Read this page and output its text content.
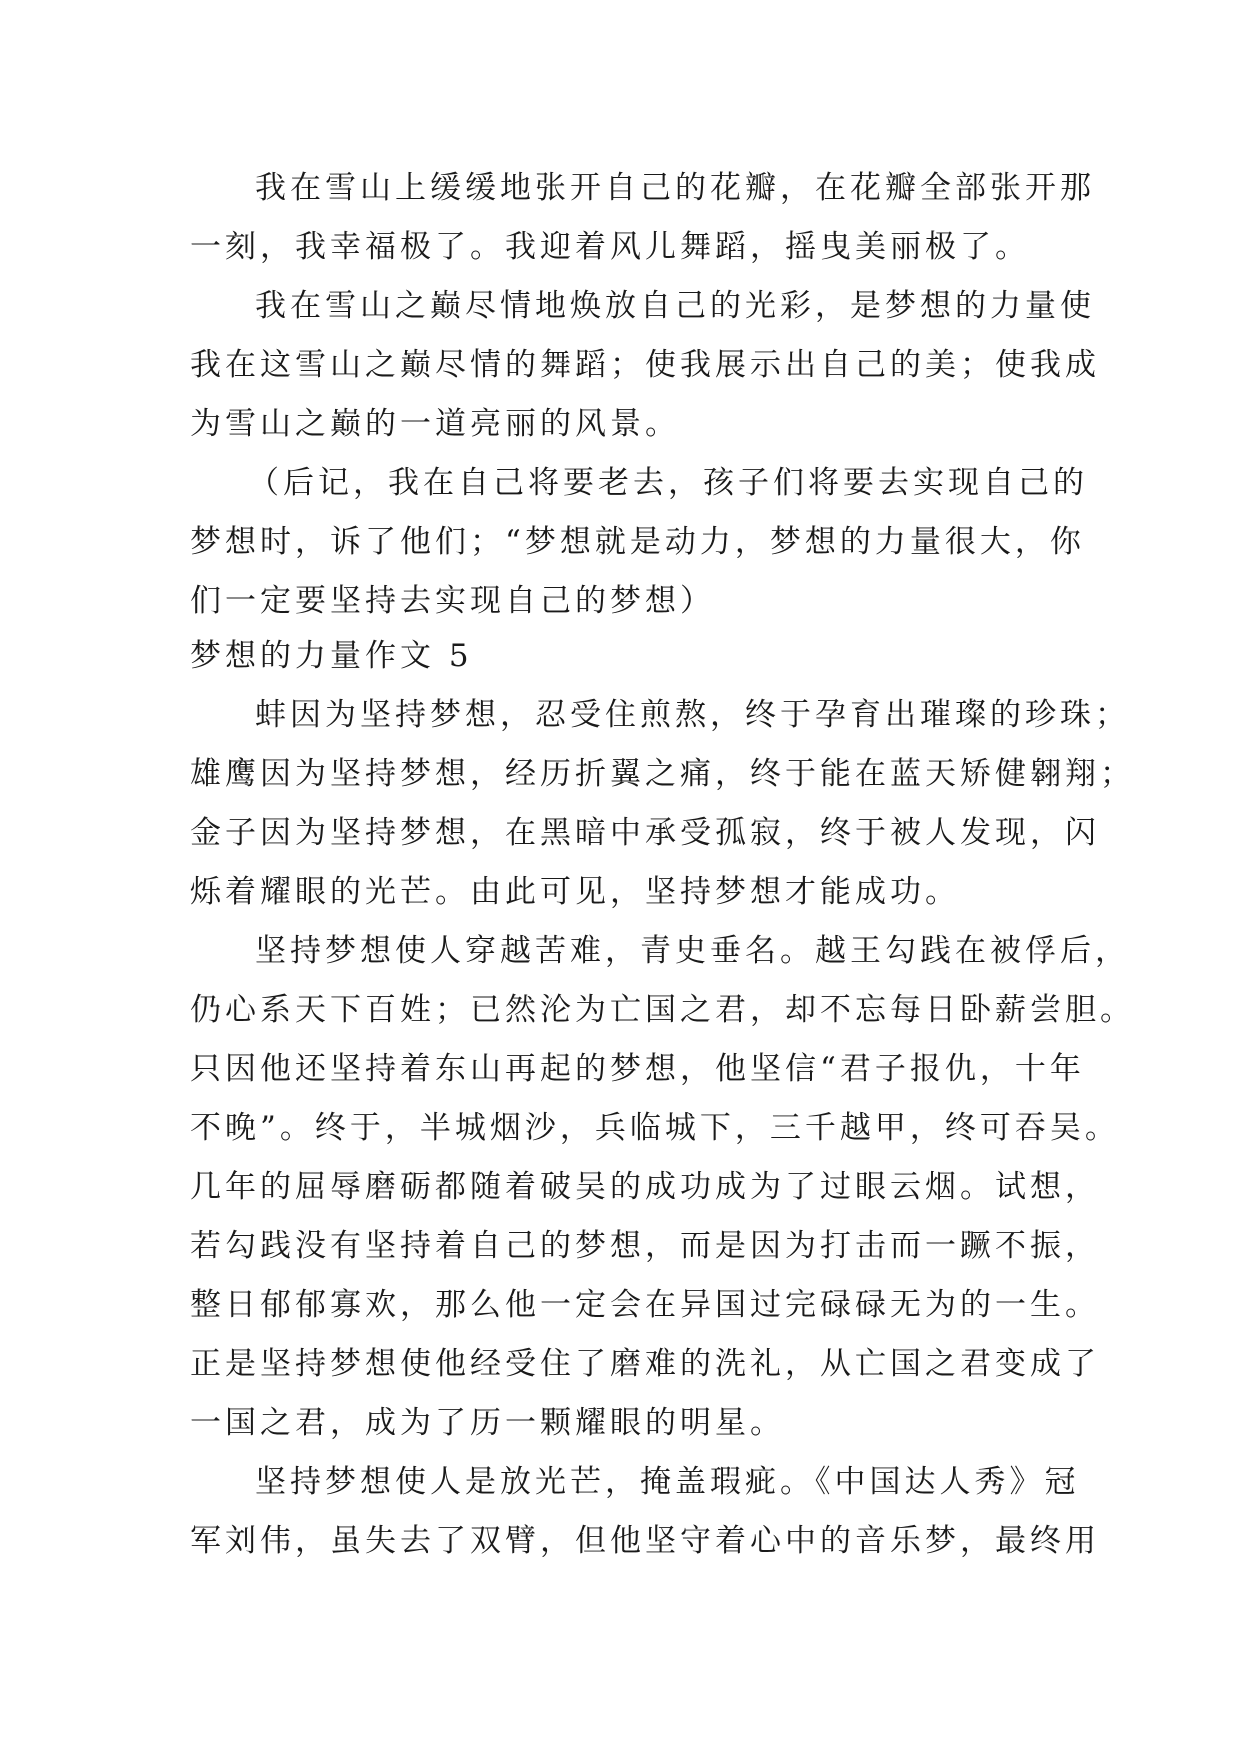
我在雪山上缓缓地张开自己的花瓣，在花瓣全部张开那
一刻，我幸福极了。我迎着风儿舞蹈，摇曳美丽极了。
我在雪山之巅尽情地焕放自己的光彩，是梦想的力量使
我在这雪山之巅尽情的舞蹈；使我展示出自己的美；使我成
为雪山之巅的一道亮丽的风景。
（后记，我在自己将要老去，孩子们将要去实现自己的
梦想时，诉了他们；“梦想就是动力，梦想的力量很大，你
们一定要坚持去实现自己的梦想）
梦想的力量作文 5
蚌因为坚持梦想，忍受住煎熬，终于孕育出璀璨的珍珠；
雄鹰因为坚持梦想，经历折翼之痛，终于能在蓝天矫健翱翔；
金子因为坚持梦想，在黑暗中承受孤寂，终于被人发现，闪
烁着耀眼的光芒。由此可见，坚持梦想才能成功。
坚持梦想使人穿越苦难，青史垂名。越王勾践在被俘后，
仍心系天下百姓；已然沦为亡国之君，却不忘每日卧薪尝胆。
只因他还坚持着东山再起的梦想，他坚信“君子报仇，十年
不晚”。终于，半城烟沙，兵临城下，三千越甲，终可吞吴。
几年的屈辱磨砺都随着破吴的成功成为了过眼云烟。试想，
若勾践没有坚持着自己的梦想，而是因为打击而一蹶不振，
整日郁郁寡欢，那么他一定会在异国过完碌碌无为的一生。
正是坚持梦想使他经受住了磨难的洗礼，从亡国之君变成了
一国之君，成为了历一颗耀眼的明星。
坚持梦想使人是放光芒，掩盖瑕疵。《中国达人秀》冠
军刘伟，虽失去了双臂，但他坚守着心中的音乐梦，最终用
